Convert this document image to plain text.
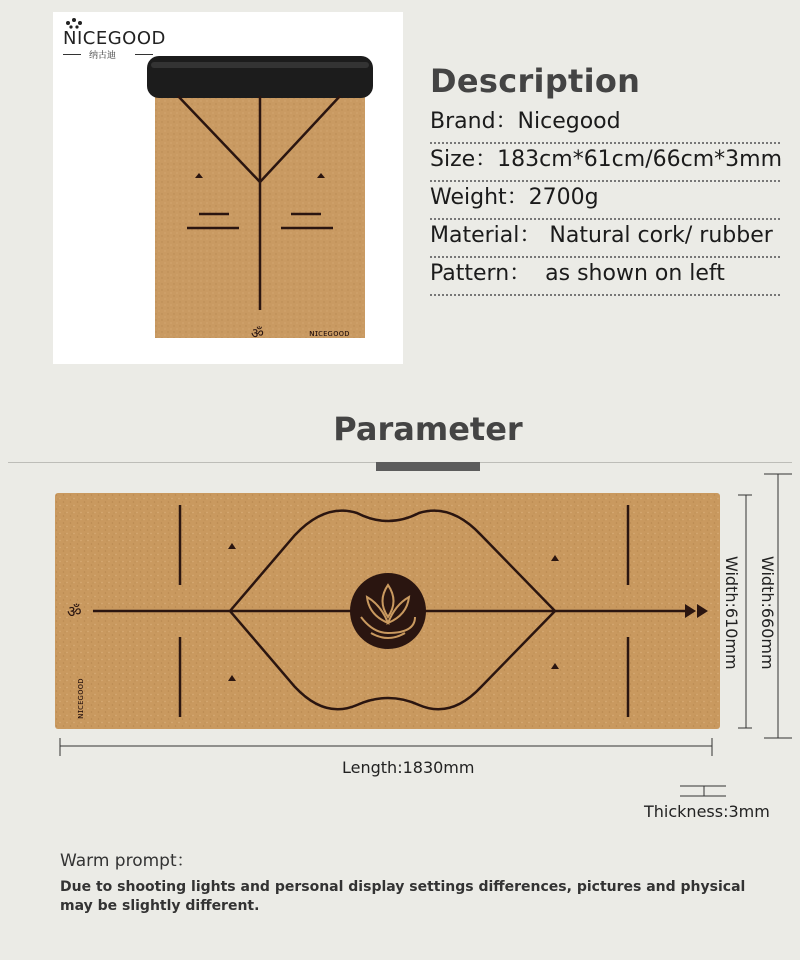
NICEGOOD
纳古迪
ॐ	ɴɪᴄᴇɢᴏᴏᴅ
Description
Brand：Nicegood
Size：183cm*61cm/66cm*3mm
Weight：2700g
Material： Natural cork/ rubber
Pattern： as shown on left
Parameter
ॐ
ɴɪᴄᴇɢᴏᴏᴅ
Length:1830mm
Width:610mm Width:660mm
Thickness:3mm
Warm prompt：
Due to shooting lights and personal display settings differences, pictures and physical may be slightly different.
